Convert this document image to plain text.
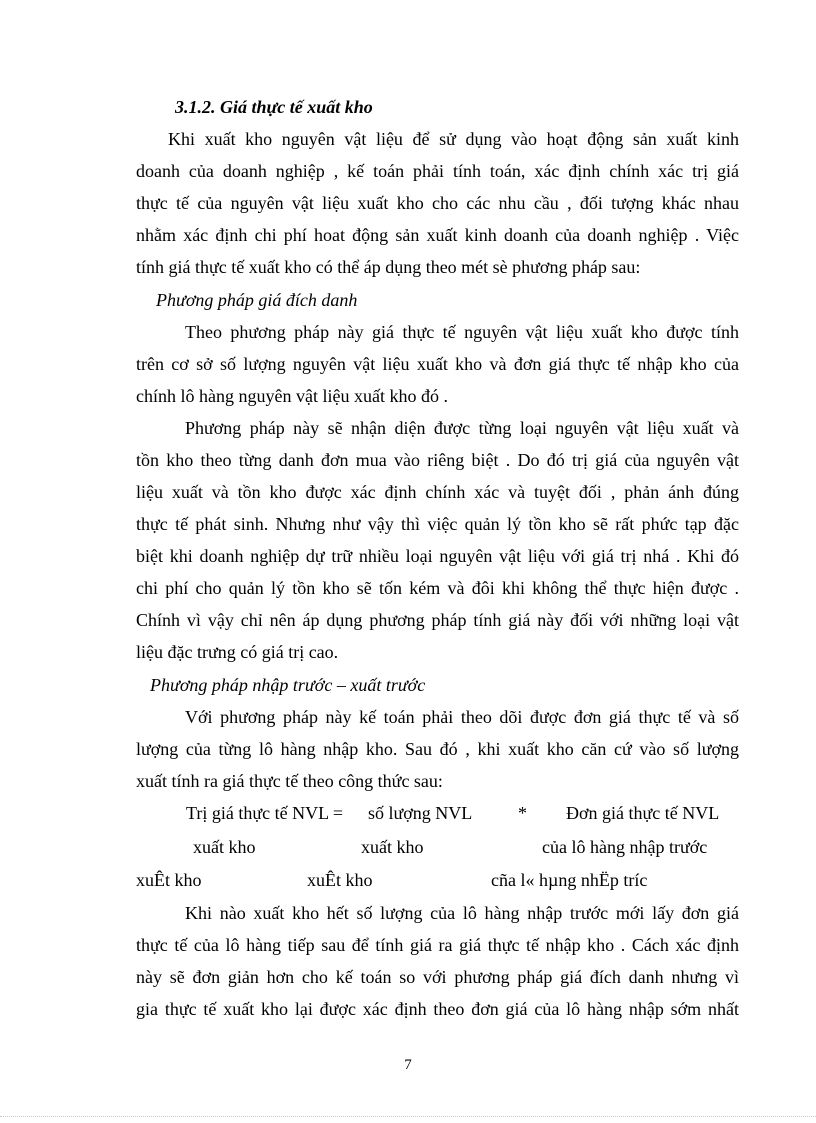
3.1.2. Giá thực tế xuất kho
Khi xuất kho nguyên vật liệu để sử dụng vào hoạt động sản xuất kinh
doanh của doanh nghiệp , kế toán phải tính toán, xác định chính xác trị giá
thực tế của nguyên vật liệu xuất kho cho các nhu cầu , đối tượng khác nhau
nhằm xác định chi phí hoat động sản xuất kinh doanh của doanh nghiệp . Việc
tính giá thực tế xuất kho có thể áp dụng theo mét sè phương pháp sau:
Phương pháp giá đích danh
Theo phương pháp này giá thực tế nguyên vật liệu xuất kho được tính
trên cơ sở số lượng nguyên vật liệu xuất kho và đơn giá thực tế nhập kho của
chính lô hàng nguyên vật liệu xuất kho đó .
Phương pháp này sẽ nhận diện được từng loại nguyên vật liệu xuất và
tồn kho theo từng danh đơn mua vào riêng biệt . Do đó trị giá của nguyên vật
liệu xuất và tồn kho được xác định chính xác và tuyệt đối , phản ánh đúng
thực tế phát sinh. Nhưng như vậy thì việc quản lý tồn kho sẽ rất phức tạp đặc
biệt khi doanh nghiệp dự trữ nhiều loại nguyên vật liệu với giá trị nhá . Khi đó
chi phí cho quản lý tồn kho sẽ tốn kém và đôi khi không thể thực hiện được .
Chính vì vậy chỉ nên áp dụng phương pháp tính giá này đối với những loại vật
liệu đặc trưng có giá trị cao.
Phương pháp nhập trước – xuất trước
Với phương pháp này kế toán phải theo dõi được đơn giá thực tế và số
lượng của từng lô hàng nhập kho. Sau đó , khi xuất kho căn cứ vào số lượng
xuất tính ra giá thực tế theo công thức sau:
Trị giá thực tế NVL = số lượng NVL	* Đơn giá thực tế NVL
xuất kho	xuất kho	của lô hàng nhập trước
xuÊt kho	xuÊt kho	cña l« hµng nhËp tríc
Khi nào xuất kho hết số lượng của lô hàng nhập trước mới lấy đơn giá
thực tế của lô hàng tiếp sau để tính giá ra giá thực tế nhập kho . Cách xác định
này sẽ đơn giản hơn cho kế toán so với phương pháp giá đích danh nhưng vì
gia thực tế xuất kho lại được xác định theo đơn giá của lô hàng nhập sớm nhất
7
